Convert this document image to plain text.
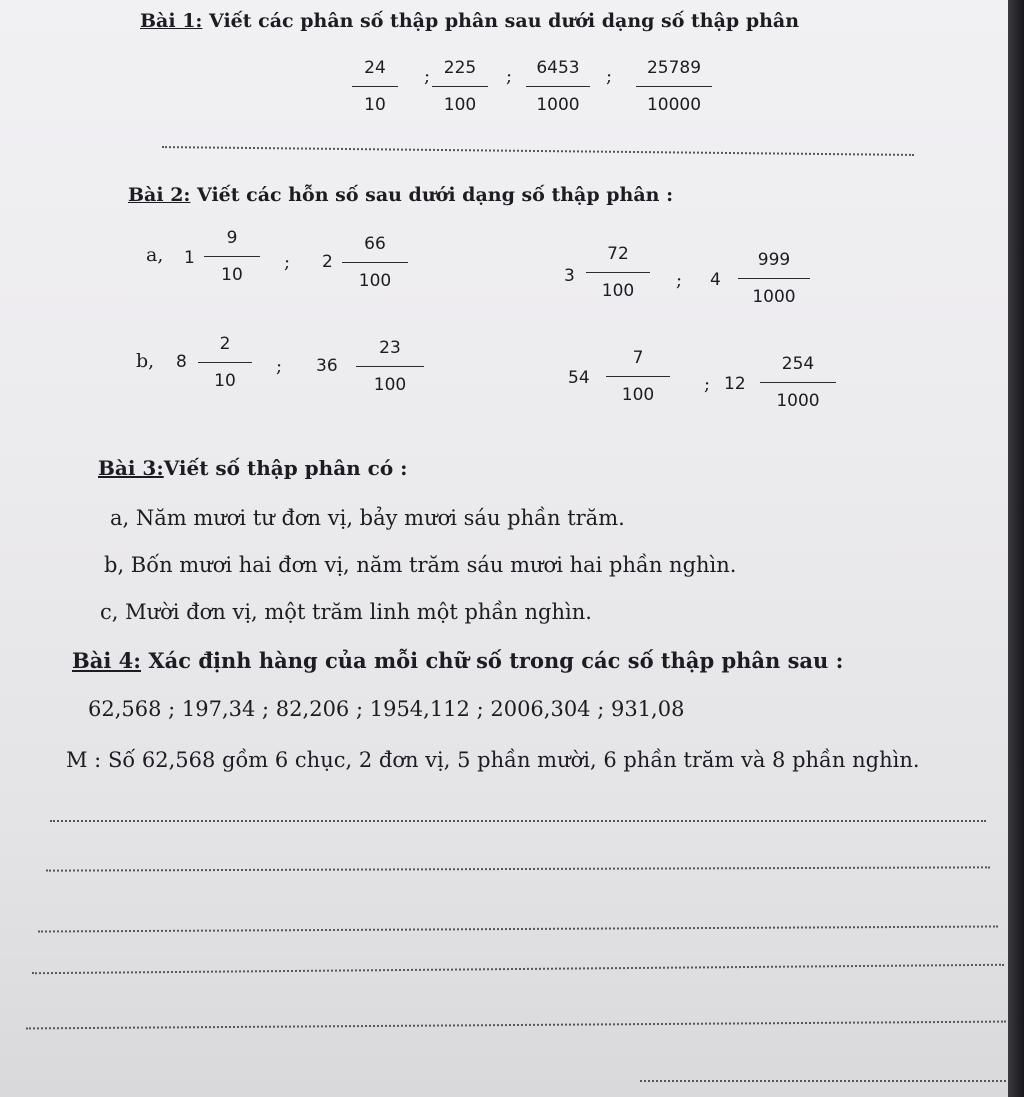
Bài 1: Viết các phân số thập phân sau dưới dạng số thập phân
24
10
; 225
100
; 6453
1000
; 25789
10000
Bài 2: Viết các hỗn số sau dưới dạng số thập phân :
a, 1
9
10
; 2
66
100	3
72
100 ; 4
999
1000
b, 8
2
10
; 36
23
100	54
7
100	; 12
254
1000
Bài 3:Viết số thập phân có :
a, Năm mươi tư đơn vị, bảy mươi sáu phần trăm.
b, Bốn mươi hai đơn vị, năm trăm sáu mươi hai phần nghìn.
c, Mười đơn vị, một trăm linh một phần nghìn.
Bài 4: Xác định hàng của mỗi chữ số trong các số thập phân sau :
62,568 ; 197,34 ; 82,206 ; 1954,112 ; 2006,304 ; 931,08
M : Số 62,568 gồm 6 chục, 2 đơn vị, 5 phần mười, 6 phần trăm và 8 phần nghìn.
